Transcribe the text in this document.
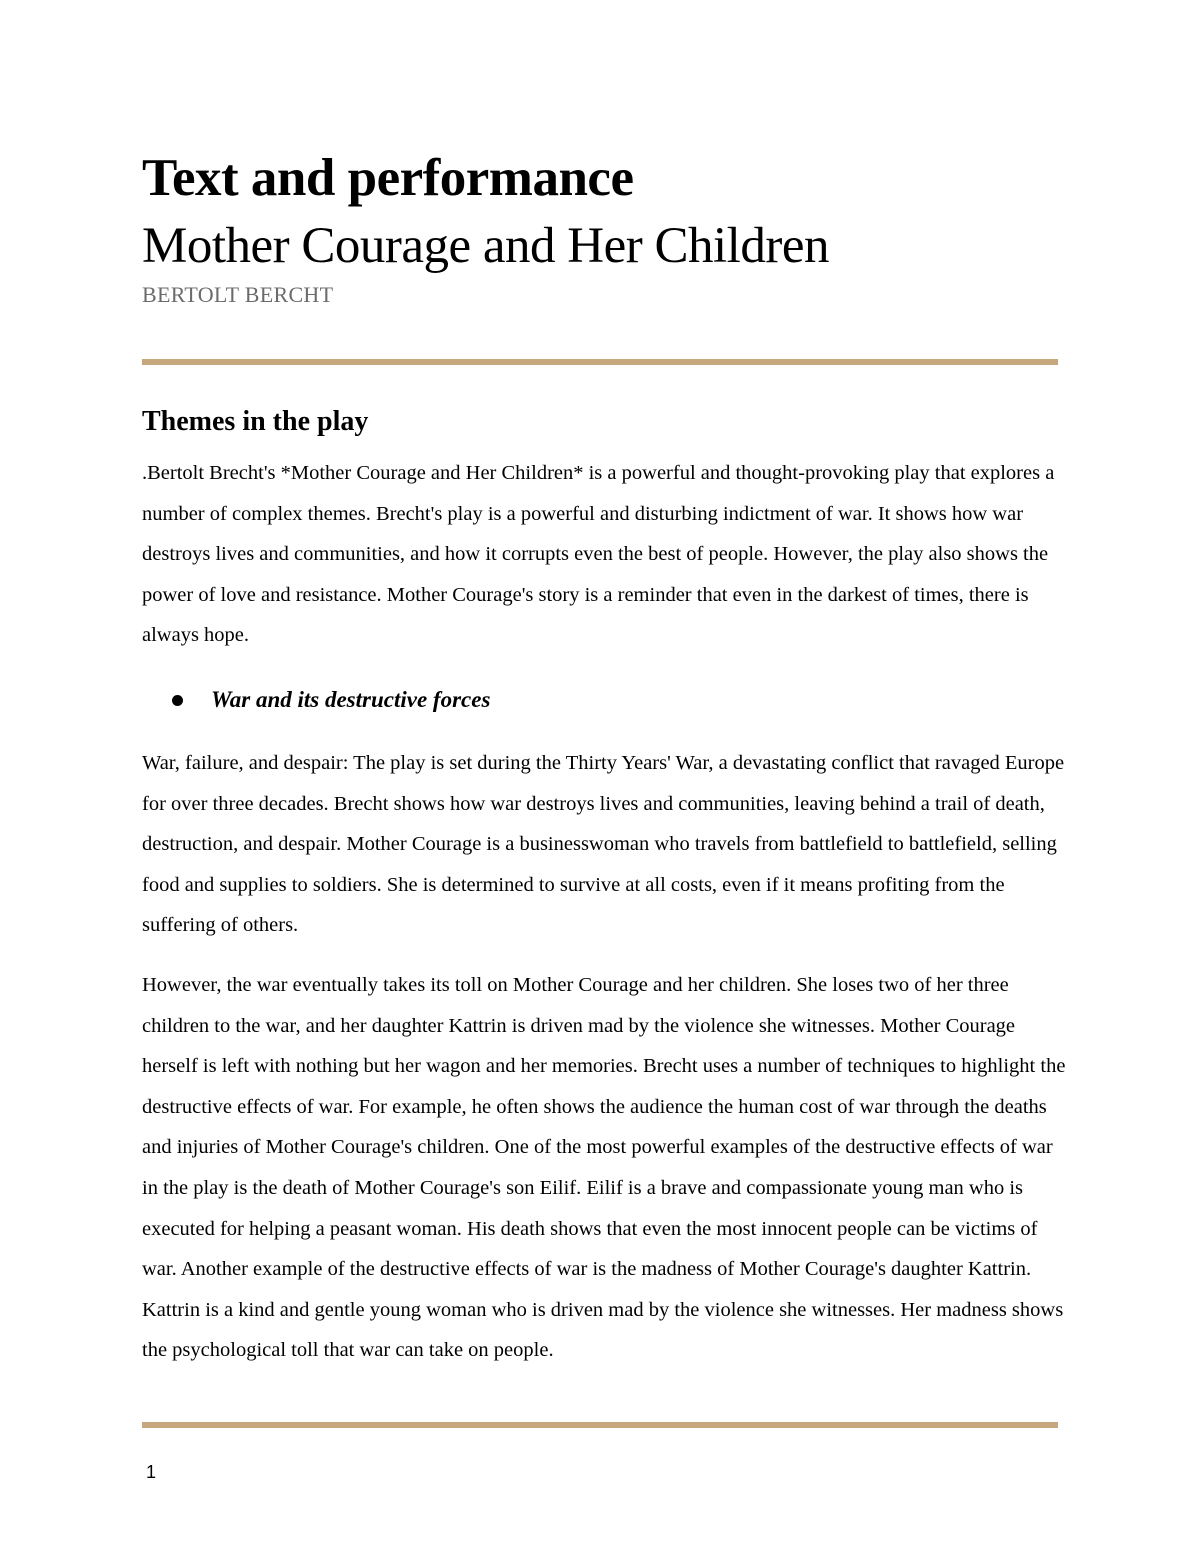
Text and performance
Mother Courage and Her Children
BERTOLT BERCHT
Themes in the play

.Bertolt Brecht's *Mother Courage and Her Children* is a powerful and thought-provoking play that explores a number of complex themes. Brecht's play is a powerful and disturbing indictment of war. It shows how war destroys lives and communities, and how it corrupts even the best of people. However, the play also shows the power of love and resistance. Mother Courage's story is a reminder that even in the darkest of times, there is always hope.

War and its destructive forces

War, failure, and despair: The play is set during the Thirty Years' War, a devastating conflict that ravaged Europe for over three decades. Brecht shows how war destroys lives and communities, leaving behind a trail of death, destruction, and despair. Mother Courage is a businesswoman who travels from battlefield to battlefield, selling food and supplies to soldiers. She is determined to survive at all costs, even if it means profiting from the suffering of others.

However, the war eventually takes its toll on Mother Courage and her children. She loses two of her three children to the war, and her daughter Kattrin is driven mad by the violence she witnesses. Mother Courage herself is left with nothing but her wagon and her memories. Brecht uses a number of techniques to highlight the destructive effects of war. For example, he often shows the audience the human cost of war through the deaths and injuries of Mother Courage's children. One of the most powerful examples of the destructive effects of war in the play is the death of Mother Courage's son Eilif. Eilif is a brave and compassionate young man who is executed for helping a peasant woman. His death shows that even the most innocent people can be victims of war. Another example of the destructive effects of war is the madness of Mother Courage's daughter Kattrin. Kattrin is a kind and gentle young woman who is driven mad by the violence she witnesses. Her madness shows the psychological toll that war can take on people.

1
